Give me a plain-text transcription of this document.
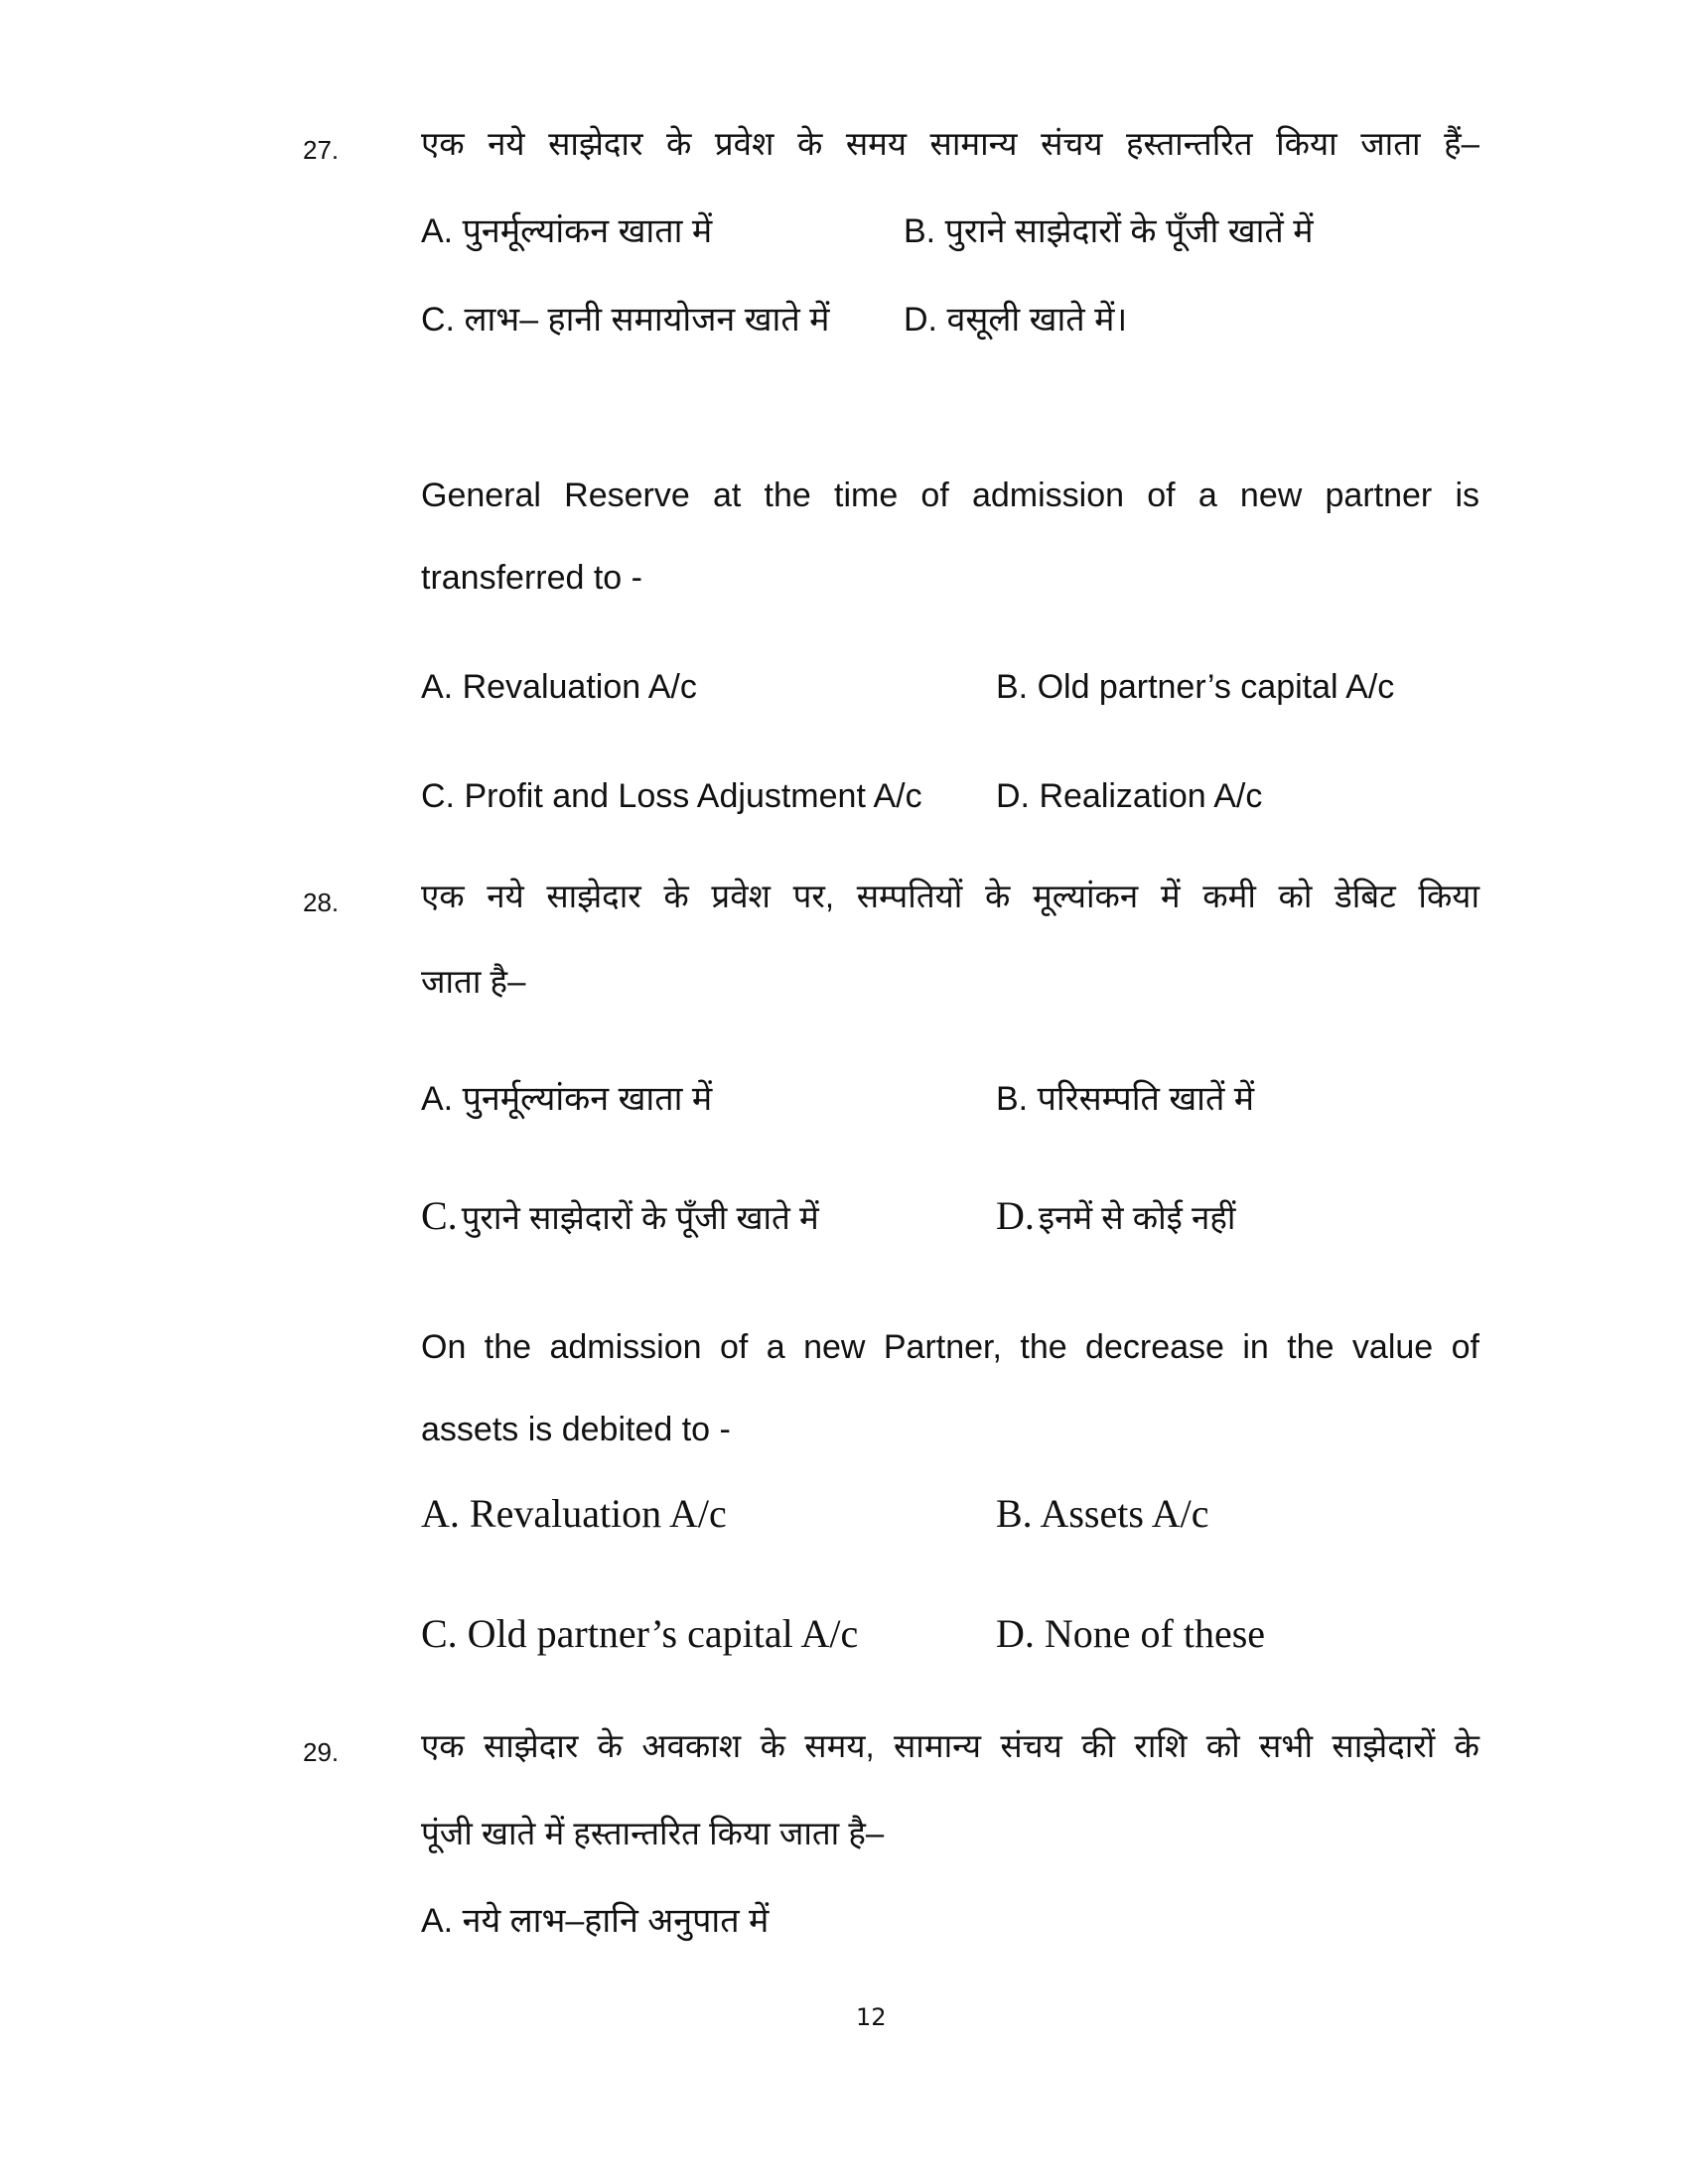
27.	एक नये साझेदार के प्रवेश के समय सामान्य संचय हस्तान्तरित किया जाता हैं–
A. पुनर्मूल्यांकन खाता में	B. पुराने साझेदारों के पूँजी खातें में
C. लाभ– हानी समायोजन खाते में D. वसूली खाते में।
General Reserve at the time of admission of a new partner is
transferred to -
A. Revaluation A/c	B. Old partner’s capital A/c
C. Profit and Loss Adjustment A/c D. Realization A/c
28.	एक नये साझेदार के प्रवेश पर, सम्पतियों के मूल्यांकन में कमी को डेबिट किया
जाता है–
A. पुनर्मूल्यांकन खाता में	B. परिसम्पति खातें में
C. पुराने साझेदारों के पूँजी खाते में	D. इनमें से कोई नहीं
On the admission of a new Partner, the decrease in the value of
assets is debited to -
A. Revaluation A/c	B. Assets A/c
C. Old partner’s capital A/c	D. None of these
29.	एक साझेदार के अवकाश के समय, सामान्य संचय की राशि को सभी साझेदारों के
पूंजी खाते में हस्तान्तरित किया जाता है–
A. नये लाभ–हानि अनुपात में
12
